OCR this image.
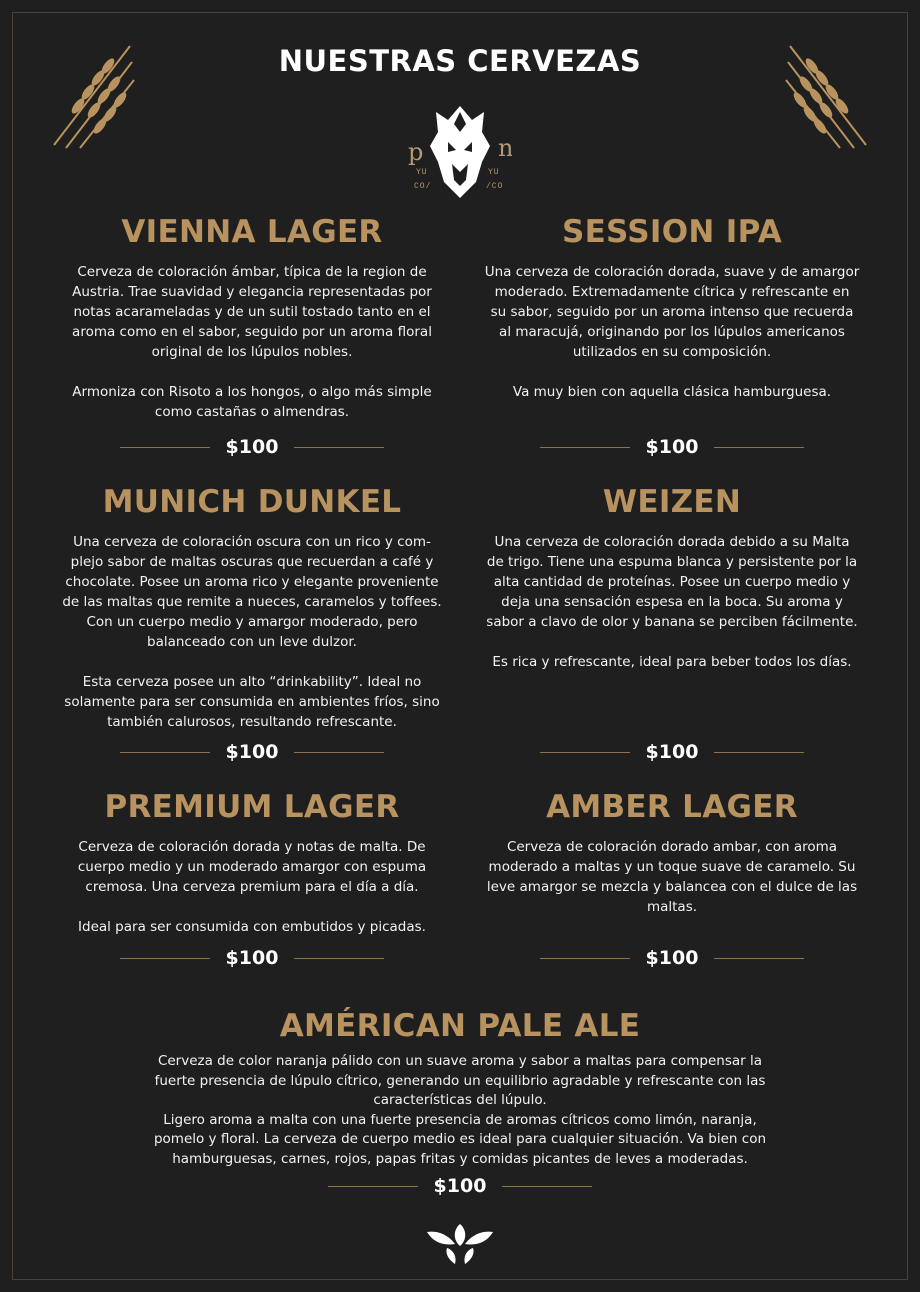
NUESTRAS CERVEZAS
p	n
YU	YU
CO/	/CO
VIENNA LAGER

Cerveza de coloración ámbar, típica de la region de
Austria. Trae suavidad y elegancia representadas por
notas acarameladas y de un sutil tostado tanto en el
aroma como en el sabor, seguido por un aroma floral
original de los lúpulos nobles.

Armoniza con Risoto a los hongos, o algo más simple
como castañas o almendras.

$100
SESSION IPA

Una cerveza de coloración dorada, suave y de amargor
moderado. Extremadamente cítrica y refrescante en
su sabor, seguido por un aroma intenso que recuerda
al maracujá, originando por los lúpulos americanos
utilizados en su composición.

Va muy bien con aquella clásica hamburguesa.

$100
MUNICH DUNKEL

Una cerveza de coloración oscura con un rico y com-
plejo sabor de maltas oscuras que recuerdan a café y
chocolate. Posee un aroma rico y elegante proveniente
de las maltas que remite a nueces, caramelos y toffees.
Con un cuerpo medio y amargor moderado, pero
balanceado con un leve dulzor.

Esta cerveza posee un alto “drinkability”. Ideal no
solamente para ser consumida en ambientes fríos, sino
también calurosos, resultando refrescante.

$100
WEIZEN

Una cerveza de coloración dorada debido a su Malta
de trigo. Tiene una espuma blanca y persistente por la
alta cantidad de proteínas. Posee un cuerpo medio y
deja una sensación espesa en la boca. Su aroma y
sabor a clavo de olor y banana se perciben fácilmente.

Es rica y refrescante, ideal para beber todos los días.

$100
PREMIUM LAGER

Cerveza de coloración dorada y notas de malta. De
cuerpo medio y un moderado amargor con espuma
cremosa. Una cerveza premium para el día a día.

Ideal para ser consumida con embutidos y picadas.

$100
AMBER LAGER

Cerveza de coloración dorado ambar, con aroma
moderado a maltas y un toque suave de caramelo. Su
leve amargor se mezcla y balancea con el dulce de las
maltas.

$100
AMÉRICAN PALE ALE

Cerveza de color naranja pálido con un suave aroma y sabor a maltas para compensar la
fuerte presencia de lúpulo cítrico, generando un equilibrio agradable y refrescante con las
características del lúpulo.
Ligero aroma a malta con una fuerte presencia de aromas cítricos como limón, naranja,
pomelo y floral. La cerveza de cuerpo medio es ideal para cualquier situación. Va bien con
hamburguesas, carnes, rojos, papas fritas y comidas picantes de leves a moderadas.

$100
